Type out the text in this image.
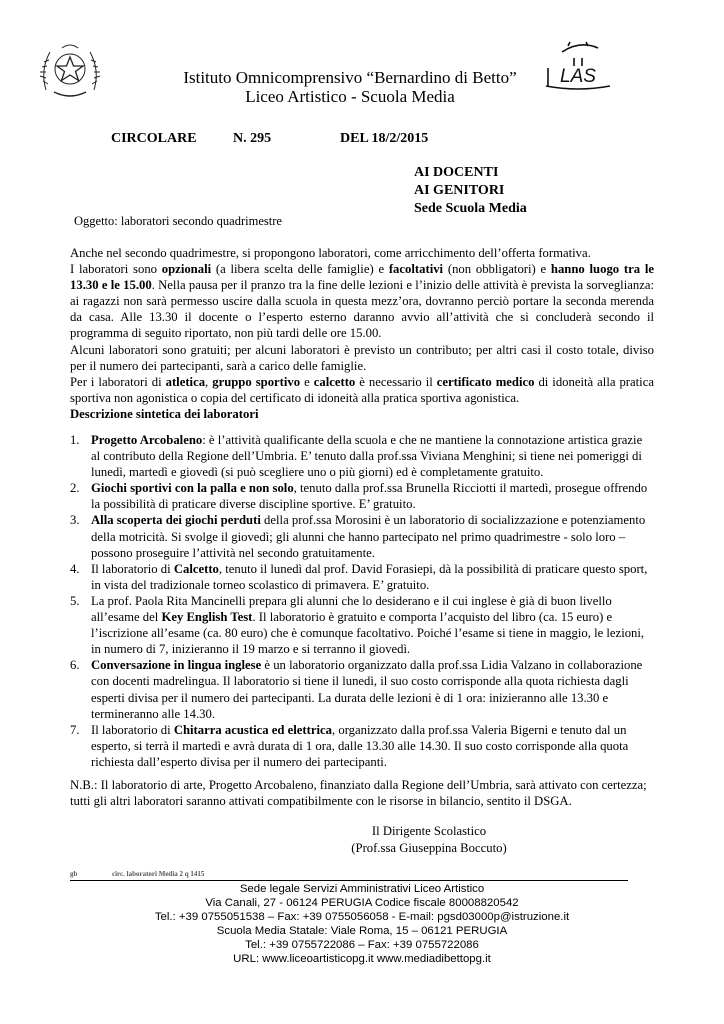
LAS
Istituto Omnicomprensivo “Bernardino di Betto”
Liceo Artistico - Scuola Media
CIRCOLARE	N. 295	DEL 18/2/2015
AI DOCENTI
AI GENITORI
Sede Scuola Media
Oggetto: laboratori secondo quadrimestre

Anche nel secondo quadrimestre, si propongono laboratori, come arricchimento dell’offerta formativa.

I laboratori sono opzionali (a libera scelta delle famiglie) e facoltativi (non obbligatori) e hanno luogo tra le 13.30 e le 15.00. Nella pausa per il pranzo tra la fine delle lezioni e l’inizio delle attività è prevista la sorveglianza: ai ragazzi non sarà permesso uscire dalla scuola in questa mezz’ora, dovranno perciò portare la seconda merenda da casa. Alle 13.30 il docente o l’esperto esterno daranno avvio all’attività che si concluderà secondo il programma di seguito riportato, non più tardi delle ore 15.00.

Alcuni laboratori sono gratuiti; per alcuni laboratori è previsto un contributo; per altri casi il costo totale, diviso per il numero dei partecipanti, sarà a carico delle famiglie.

Per i laboratori di atletica, gruppo sportivo e calcetto è necessario il certificato medico di idoneità alla pratica sportiva non agonistica o copia del certificato di idoneità alla pratica sportiva agonistica.

Descrizione sintetica dei laboratori

1. Progetto Arcobaleno: è l’attività qualificante della scuola e che ne mantiene la connotazione artistica grazie al contributo della Regione dell’Umbria. E’ tenuto dalla prof.ssa Viviana Menghini; si tiene nei pomeriggi di lunedì, martedì e giovedì (si può scegliere uno o più giorni) ed è completamente gratuito.
2. Giochi sportivi con la palla e non solo, tenuto dalla prof.ssa Brunella Ricciotti il martedì, prosegue offrendo la possibilità di praticare diverse discipline sportive. E’ gratuito.
3. Alla scoperta dei giochi perduti della prof.ssa Morosini è un laboratorio di socializzazione e potenziamento della motricità. Si svolge il giovedì; gli alunni che hanno partecipato nel primo quadrimestre - solo loro – possono proseguire l’attività nel secondo gratuitamente.
4. Il laboratorio di Calcetto, tenuto il lunedì dal prof. David Forasiepi, dà la possibilità di praticare questo sport, in vista del tradizionale torneo scolastico di primavera. E’ gratuito.
5. La prof. Paola Rita Mancinelli prepara gli alunni che lo desiderano e il cui inglese è già di buon livello all’esame del Key English Test. Il laboratorio è gratuito e comporta l’acquisto del libro (ca. 15 euro) e l’iscrizione all’esame (ca. 80 euro) che è comunque facoltativo. Poiché l’esame si tiene in maggio, le lezioni, in numero di 7, inizieranno il 19 marzo e si terranno il giovedì.
6. Conversazione in lingua inglese è un laboratorio organizzato dalla prof.ssa Lidia Valzano in collaborazione con docenti madrelingua. Il laboratorio si tiene il lunedì, il suo costo corrisponde alla quota richiesta dagli esperti divisa per il numero dei partecipanti. La durata delle lezioni è di 1 ora: inizieranno alle 13.30 e termineranno alle 14.30.
7. Il laboratorio di Chitarra acustica ed elettrica, organizzato dalla prof.ssa Valeria Bigerni e tenuto dal un esperto, si terrà il martedì e avrà durata di 1 ora, dalle 13.30 alle 14.30. Il suo costo corrisponde alla quota richiesta dall’esperto divisa per il numero dei partecipanti.
N.B.: Il laboratorio di arte, Progetto Arcobaleno, finanziato dalla Regione dell’Umbria, sarà attivato con certezza; tutti gli altri laboratori saranno attivati compatibilmente con le risorse in bilancio, sentito il DSGA.
Il Dirigente Scolastico
(Prof.ssa Giuseppina Boccuto)
gb	circ. laboratori Media 2 q 1415
Sede legale Servizi Amministrativi Liceo Artistico
Via Canali, 27 - 06124 PERUGIA Codice fiscale 80008820542
Tel.: +39 0755051538 – Fax: +39 0755056058 - E-mail: pgsd03000p@istruzione.it
Scuola Media Statale: Viale Roma, 15 – 06121 PERUGIA
Tel.: +39 0755722086 – Fax: +39 0755722086
URL: www.liceoartisticopg.it www.mediadibettopg.it
